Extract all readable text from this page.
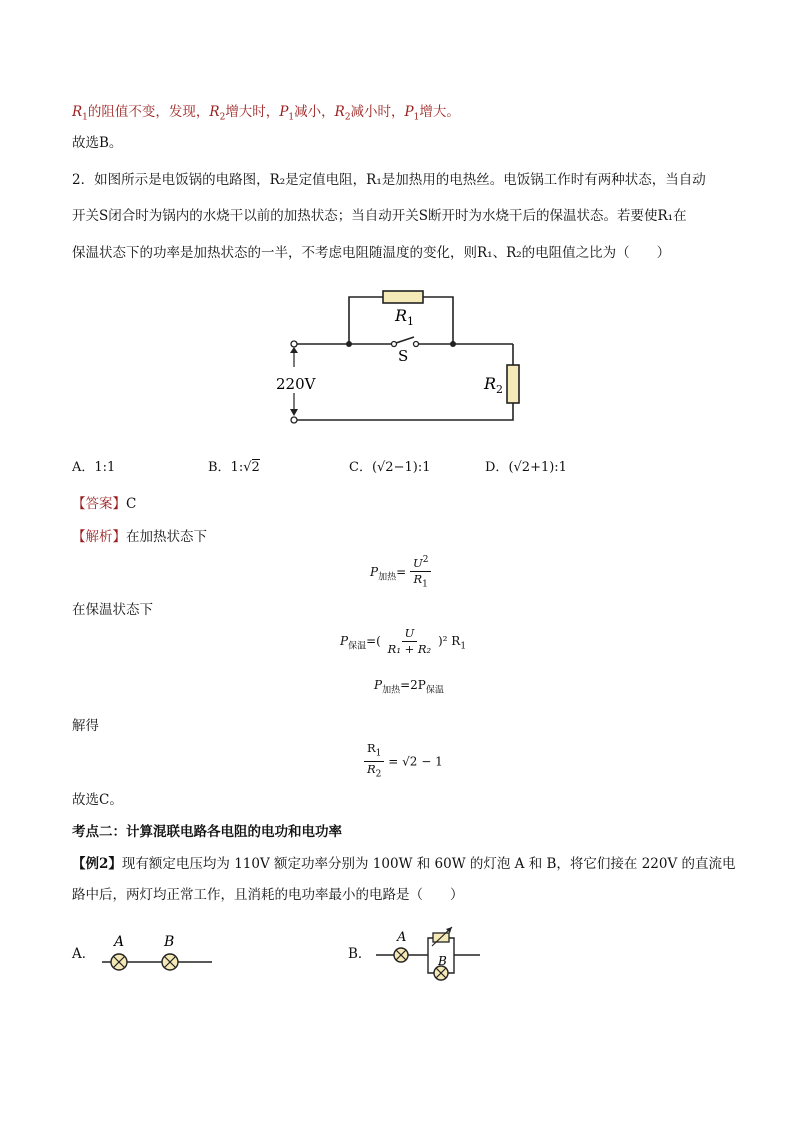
$R_1$的阻值不变，发现，$R_2$增大时，$P_1$减小，$R_2$减小时，$P_1$增大。
故选B。
2．如图所示是电饭锅的电路图，R₂是定值电阻，R₁是加热用的电热丝。电饭锅工作时有两种状态，当自动
开关S闭合时为锅内的水烧干以前的加热状态；当自动开关S断开时为水烧干后的保温状态。若要使R₁在
保温状态下的功率是加热状态的一半，不考虑电阻随温度的变化，则R₁、R₂的电阻值之比为（　　）
$R_1$
S
220V	$R_2$
A．1:1	B．1:√2	C．(√2−1):1	D．(√2+1):1
【答案】C
【解析】在加热状态下
$P_{加热}= \frac{U^2}{R_1}$
在保温状态下
$P_{保温}=( \frac{U}{\text{R₁ + R₂}} )^2$ $R_1$
$P_{加热}=2P_{保温}$
解得
$\frac{R_1}{R_2} = √2 - 1$
故选C。
考点二：计算混联电路各电阻的电功和电功率
【例2】现有额定电压均为 110V 额定功率分别为 100W 和 60W 的灯泡 A 和 B，将它们接在 220V 的直流电
路中后，两灯均正常工作，且消耗的电功率最小的电路是（　　）
A．	B．
A	B	A
B
